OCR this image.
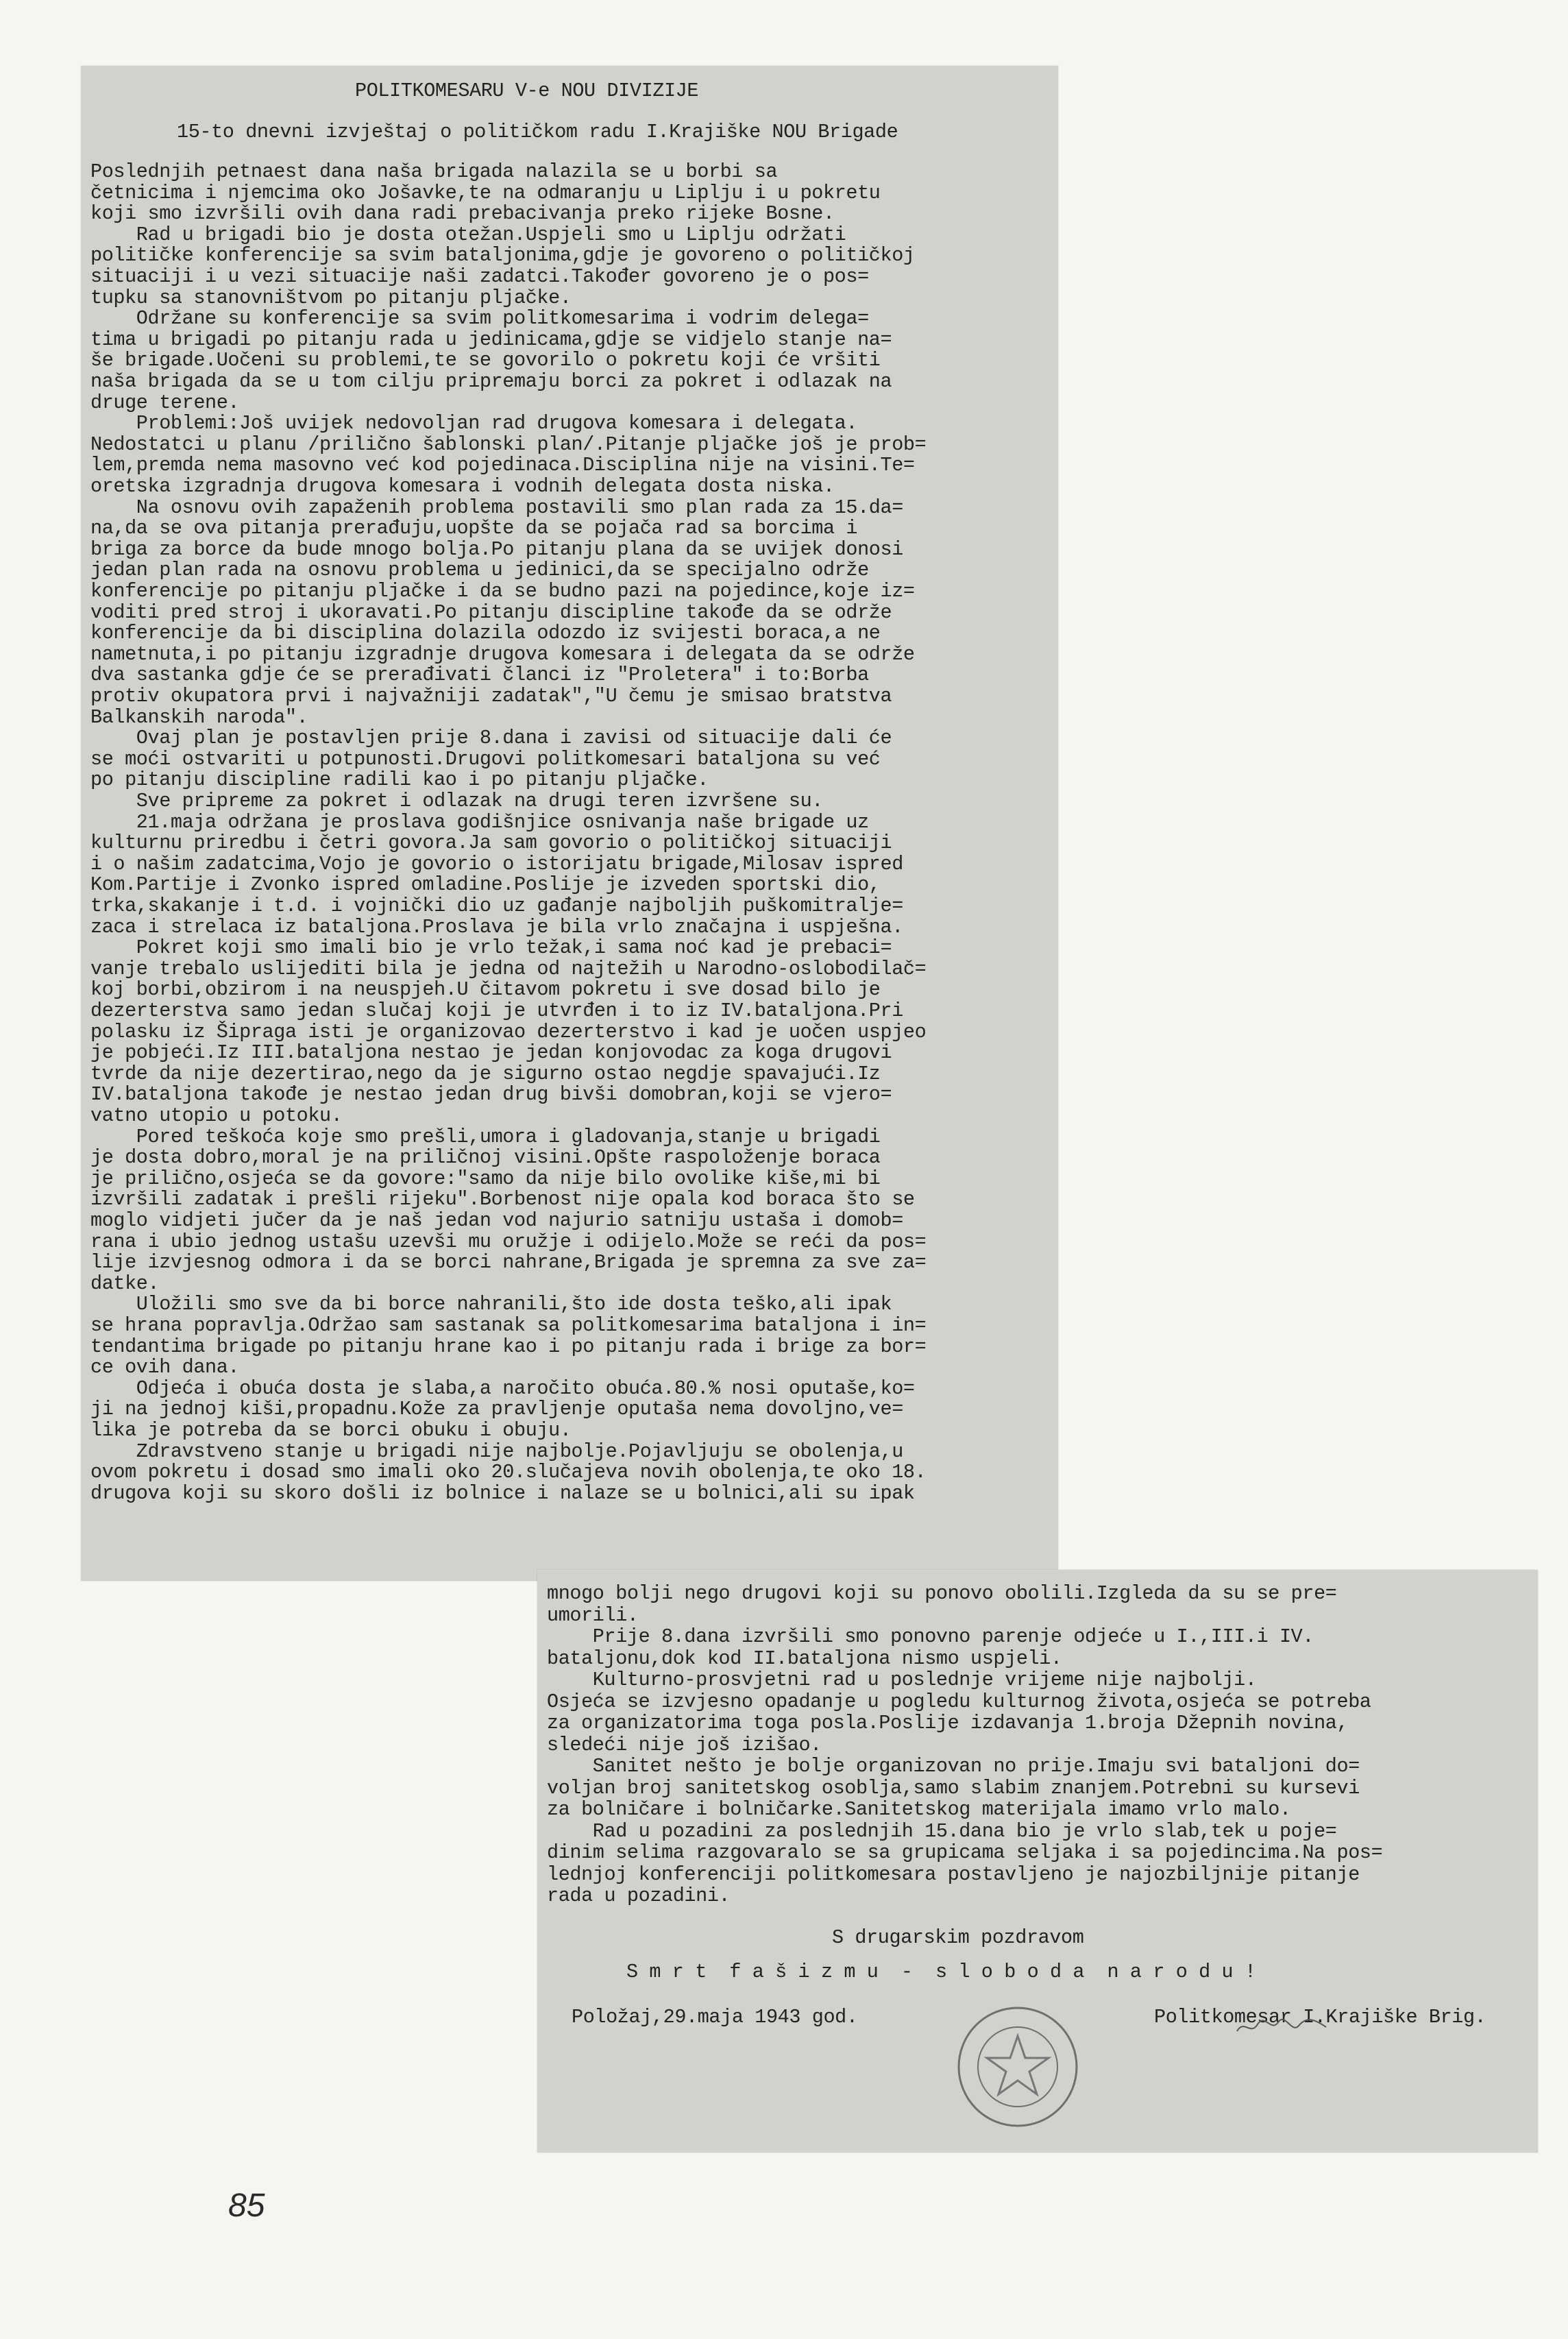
POLITKOMESARU V-e NOU DIVIZIJE

15-to dnevni izvještaj o političkom radu I.Krajiške NOU Brigade

Poslednjih petnaest dana naša brigada nalazila se u borbi sa
četnicima i njemcima oko Jošavke,te na odmaranju u Liplju i u pokretu
koji smo izvršili ovih dana radi prebacivanja preko rijeke Bosne.
Rad u brigadi bio je dosta otežan.Uspjeli smo u Liplju održati
političke konferencije sa svim bataljonima,gdje je govoreno o političkoj
situaciji i u vezi situacije naši zadatci.Također govoreno je o pos=
tupku sa stanovništvom po pitanju pljačke.
Održane su konferencije sa svim politkomesarima i vodrim delega=
tima u brigadi po pitanju rada u jedinicama,gdje se vidjelo stanje na=
še brigade.Uočeni su problemi,te se govorilo o pokretu koji će vršiti
naša brigada da se u tom cilju pripremaju borci za pokret i odlazak na
druge terene.
Problemi:Još uvijek nedovoljan rad drugova komesara i delegata.
Nedostatci u planu /prilično šablonski plan/.Pitanje pljačke još je prob=
lem,premda nema masovno već kod pojedinaca.Disciplina nije na visini.Te=
oretska izgradnja drugova komesara i vodnih delegata dosta niska.
Na osnovu ovih zapaženih problema postavili smo plan rada za 15.da=
na,da se ova pitanja prerađuju,uopšte da se pojača rad sa borcima i
briga za borce da bude mnogo bolja.Po pitanju plana da se uvijek donosi
jedan plan rada na osnovu problema u jedinici,da se specijalno održe
konferencije po pitanju pljačke i da se budno pazi na pojedince,koje iz=
voditi pred stroj i ukoravati.Po pitanju discipline takođe da se održe
konferencije da bi disciplina dolazila odozdo iz svijesti boraca,a ne
nametnuta,i po pitanju izgradnje drugova komesara i delegata da se održe
dva sastanka gdje će se prerađivati članci iz "Proletera" i to:Borba
protiv okupatora prvi i najvažniji zadatak","U čemu je smisao bratstva
Balkanskih naroda".
Ovaj plan je postavljen prije 8.dana i zavisi od situacije dali će
se moći ostvariti u potpunosti.Drugovi politkomesari bataljona su već
po pitanju discipline radili kao i po pitanju pljačke.
Sve pripreme za pokret i odlazak na drugi teren izvršene su.
21.maja održana je proslava godišnjice osnivanja naše brigade uz
kulturnu priredbu i četri govora.Ja sam govorio o političkoj situaciji
i o našim zadatcima,Vojo je govorio o istorijatu brigade,Milosav ispred
Kom.Partije i Zvonko ispred omladine.Poslije je izveden sportski dio,
trka,skakanje i t.d. i vojnički dio uz gađanje najboljih puškomitralje=
zaca i strelaca iz bataljona.Proslava je bila vrlo značajna i uspješna.
Pokret koji smo imali bio je vrlo težak,i sama noć kad je prebaci=
vanje trebalo uslijediti bila je jedna od najtežih u Narodno-oslobodilač=
koj borbi,obzirom i na neuspjeh.U čitavom pokretu i sve dosad bilo je
dezerterstva samo jedan slučaj koji je utvrđen i to iz IV.bataljona.Pri
polasku iz Šipraga isti je organizovao dezerterstvo i kad je uočen uspjeo
je pobjeći.Iz III.bataljona nestao je jedan konjovodac za koga drugovi
tvrde da nije dezertirao,nego da je sigurno ostao negdje spavajući.Iz
IV.bataljona takođe je nestao jedan drug bivši domobran,koji se vjero=
vatno utopio u potoku.
Pored teškoća koje smo prešli,umora i gladovanja,stanje u brigadi
je dosta dobro,moral je na priličnoj visini.Opšte raspoloženje boraca
je prilično,osjeća se da govore:"samo da nije bilo ovolike kiše,mi bi
izvršili zadatak i prešli rijeku".Borbenost nije opala kod boraca što se
moglo vidjeti jučer da je naš jedan vod najurio satniju ustaša i domob=
rana i ubio jednog ustašu uzevši mu oružje i odijelo.Može se reći da pos=
lije izvjesnog odmora i da se borci nahrane,Brigada je spremna za sve za=
datke.
Uložili smo sve da bi borce nahranili,što ide dosta teško,ali ipak
se hrana popravlja.Održao sam sastanak sa politkomesarima bataljona i in=
tendantima brigade po pitanju hrane kao i po pitanju rada i brige za bor=
ce ovih dana.
Odjeća i obuća dosta je slaba,a naročito obuća.80.% nosi oputaše,ko=
ji na jednoj kiši,propadnu.Kože za pravljenje oputaša nema dovoljno,ve=
lika je potreba da se borci obuku i obuju.
Zdravstveno stanje u brigadi nije najbolje.Pojavljuju se obolenja,u
ovom pokretu i dosad smo imali oko 20.slučajeva novih obolenja,te oko 18.
drugova koji su skoro došli iz bolnice i nalaze se u bolnici,ali su ipak

mnogo bolji nego drugovi koji su ponovo obolili.Izgleda da su se pre=
umorili.
Prije 8.dana izvršili smo ponovno parenje odjeće u I.,III.i IV.
bataljonu,dok kod II.bataljona nismo uspjeli.
Kulturno-prosvjetni rad u poslednje vrijeme nije najbolji.
Osjeća se izvjesno opadanje u pogledu kulturnog života,osjeća se potreba
za organizatorima toga posla.Poslije izdavanja 1.broja Džepnih novina,
sledeći nije još izišao.
Sanitet nešto je bolje organizovan no prije.Imaju svi bataljoni do=
voljan broj sanitetskog osoblja,samo slabim znanjem.Potrebni su kursevi
za bolničare i bolničarke.Sanitetskog materijala imamo vrlo malo.
Rad u pozadini za poslednjih 15.dana bio je vrlo slab,tek u poje=
dinim selima razgovaralo se sa grupicama seljaka i sa pojedincima.Na pos=
lednjoj konferenciji politkomesara postavljeno je najozbiljnije pitanje
rada u pozadini.

S drugarskim pozdravom

S m r t  f a š i z m u  -  s l o b o d a  n a r o d u !

Položaj,29.maja 1943 god.

	Politkomesar I.Krajiške Brig.

85
